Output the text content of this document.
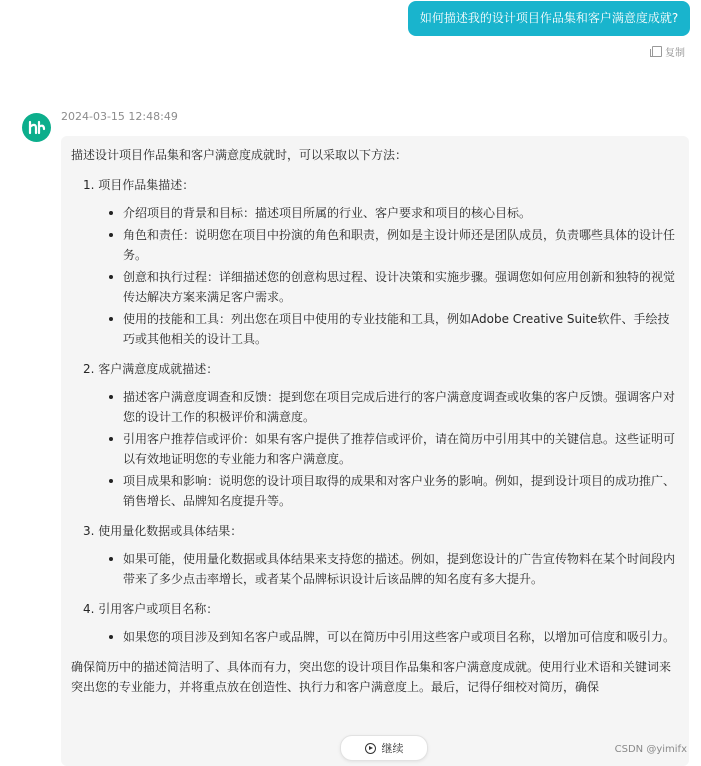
如何描述我的设计项目作品集和客户满意度成就?
复制
2024-03-15 12:48:49

描述设计项目作品集和客户满意度成就时，可以采取以下方法：

1. 项目作品集描述：

介绍项目的背景和目标：描述项目所属的行业、客户要求和项目的核心目标。
角色和责任：说明您在项目中扮演的角色和职责，例如是主设计师还是团队成员，负责哪些具体的设计任务。
创意和执行过程：详细描述您的创意构思过程、设计决策和实施步骤。强调您如何应用创新和独特的视觉传达解决方案来满足客户需求。
使用的技能和工具：列出您在项目中使用的专业技能和工具，例如Adobe Creative Suite软件、手绘技巧或其他相关的设计工具。

2. 客户满意度成就描述：

描述客户满意度调查和反馈：提到您在项目完成后进行的客户满意度调查或收集的客户反馈。强调客户对您的设计工作的积极评价和满意度。
引用客户推荐信或评价：如果有客户提供了推荐信或评价，请在简历中引用其中的关键信息。这些证明可以有效地证明您的专业能力和客户满意度。
项目成果和影响：说明您的设计项目取得的成果和对客户业务的影响。例如，提到设计项目的成功推广、销售增长、品牌知名度提升等。

3. 使用量化数据或具体结果：

如果可能，使用量化数据或具体结果来支持您的描述。例如，提到您设计的广告宣传物料在某个时间段内带来了多少点击率增长，或者某个品牌标识设计后该品牌的知名度有多大提升。

4. 引用客户或项目名称：

如果您的项目涉及到知名客户或品牌，可以在简历中引用这些客户或项目名称，以增加可信度和吸引力。

确保简历中的描述简洁明了、具体而有力，突出您的设计项目作品集和客户满意度成就。使用行业术语和关键词来突出您的专业能力，并将重点放在创造性、执行力和客户满意度上。最后，记得仔细校对简历，确保

继续	CSDN @yimifx
